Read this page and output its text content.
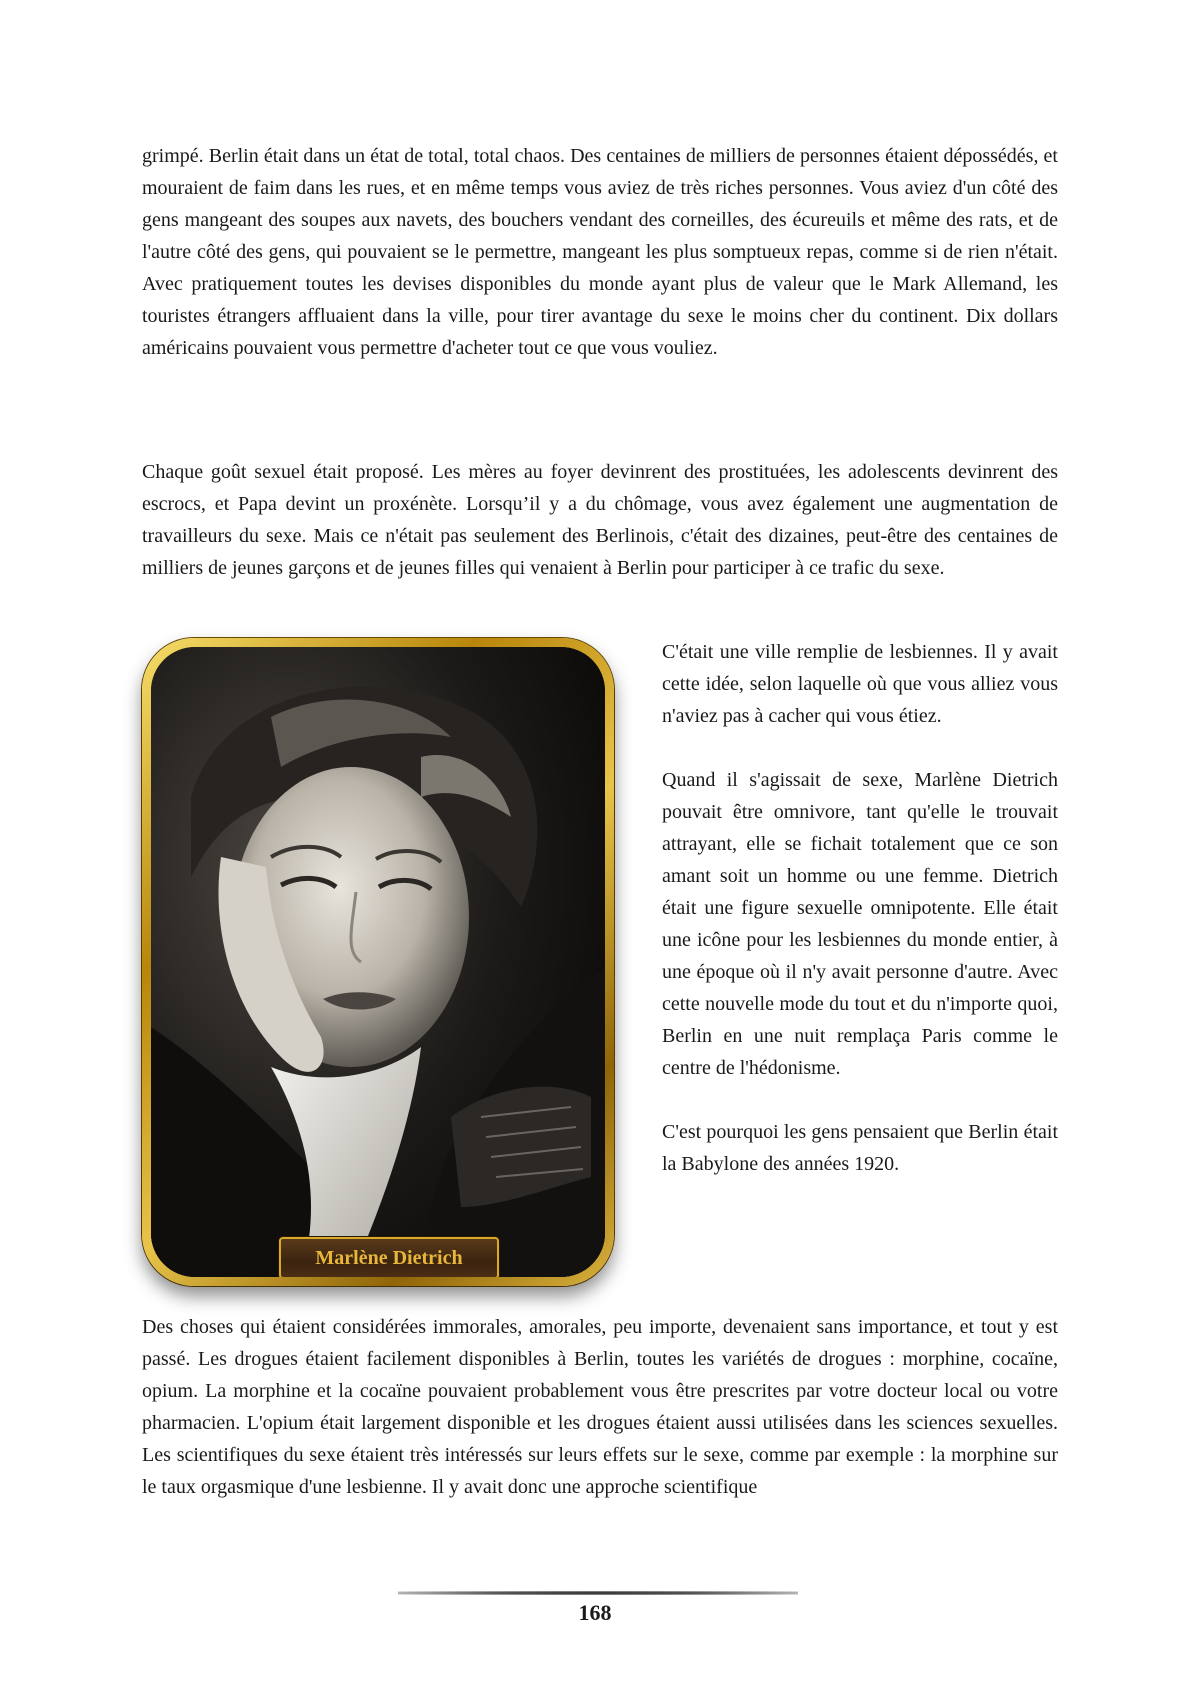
grimpé. Berlin était dans un état de total, total chaos. Des centaines de milliers de personnes étaient dépossédés, et mouraient de faim dans les rues, et en même temps vous aviez de très riches personnes. Vous aviez d'un côté des gens mangeant des soupes aux navets, des bouchers vendant des corneilles, des écureuils et même des rats, et de l'autre côté des gens, qui pouvaient se le permettre, mangeant les plus somptueux repas, comme si de rien n'était. Avec pratiquement toutes les devises disponibles du monde ayant plus de valeur que le Mark Allemand, les touristes étrangers affluaient dans la ville, pour tirer avantage du sexe le moins cher du continent. Dix dollars américains pouvaient vous permettre d'acheter tout ce que vous vouliez.

Chaque goût sexuel était proposé. Les mères au foyer devinrent des prostituées, les adolescents devinrent des escrocs, et Papa devint un proxénète. Lorsqu’il y a du chômage, vous avez également une augmentation de travailleurs du sexe. Mais ce n'était pas seulement des Berlinois, c'était des dizaines, peut-être des centaines de milliers de jeunes garçons et de jeunes filles qui venaient à Berlin pour participer à ce trafic du sexe.

Marlène Dietrich

C'était une ville remplie de lesbiennes. Il y avait cette idée, selon laquelle où que vous alliez vous n'aviez pas à cacher qui vous étiez.

Quand il s'agissait de sexe, Marlène Dietrich pouvait être omnivore, tant qu'elle le trouvait attrayant, elle se fichait totalement que ce son amant soit un homme ou une femme. Dietrich était une figure sexuelle omnipotente. Elle était une icône pour les lesbiennes du monde entier, à une époque où il n'y avait personne d'autre. Avec cette nouvelle mode du tout et du n'importe quoi, Berlin en une nuit remplaça Paris comme le centre de l'hédonisme.

C'est pourquoi les gens pensaient que Berlin était la Babylone des années 1920.

Des choses qui étaient considérées immorales, amorales, peu importe, devenaient sans importance, et tout y est passé. Les drogues étaient facilement disponibles à Berlin, toutes les variétés de drogues : morphine, cocaïne, opium. La morphine et la cocaïne pouvaient probablement vous être prescrites par votre docteur local ou votre pharmacien. L'opium était largement disponible et les drogues étaient aussi utilisées dans les sciences sexuelles. Les scientifiques du sexe étaient très intéressés sur leurs effets sur le sexe, comme par exemple : la morphine sur le taux orgasmique d'une lesbienne. Il y avait donc une approche scientifique

168
